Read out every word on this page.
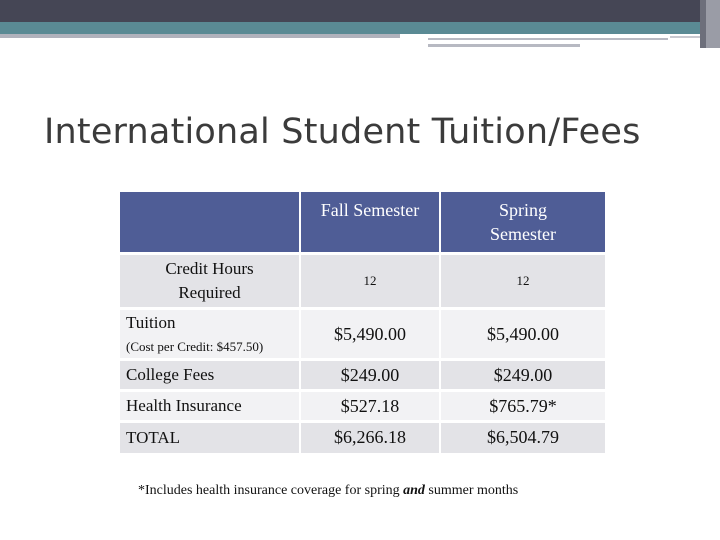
International Student Tuition/Fees
	Fall Semester	Spring Semester

Credit Hours Required	12	12
Tuition
(Cost per Credit: $457.50)	$5,490.00	$5,490.00
College Fees	$249.00	$249.00
Health Insurance	$527.18	$765.79*
TOTAL	$6,266.18	$6,504.79
*Includes health insurance coverage for spring and summer months
